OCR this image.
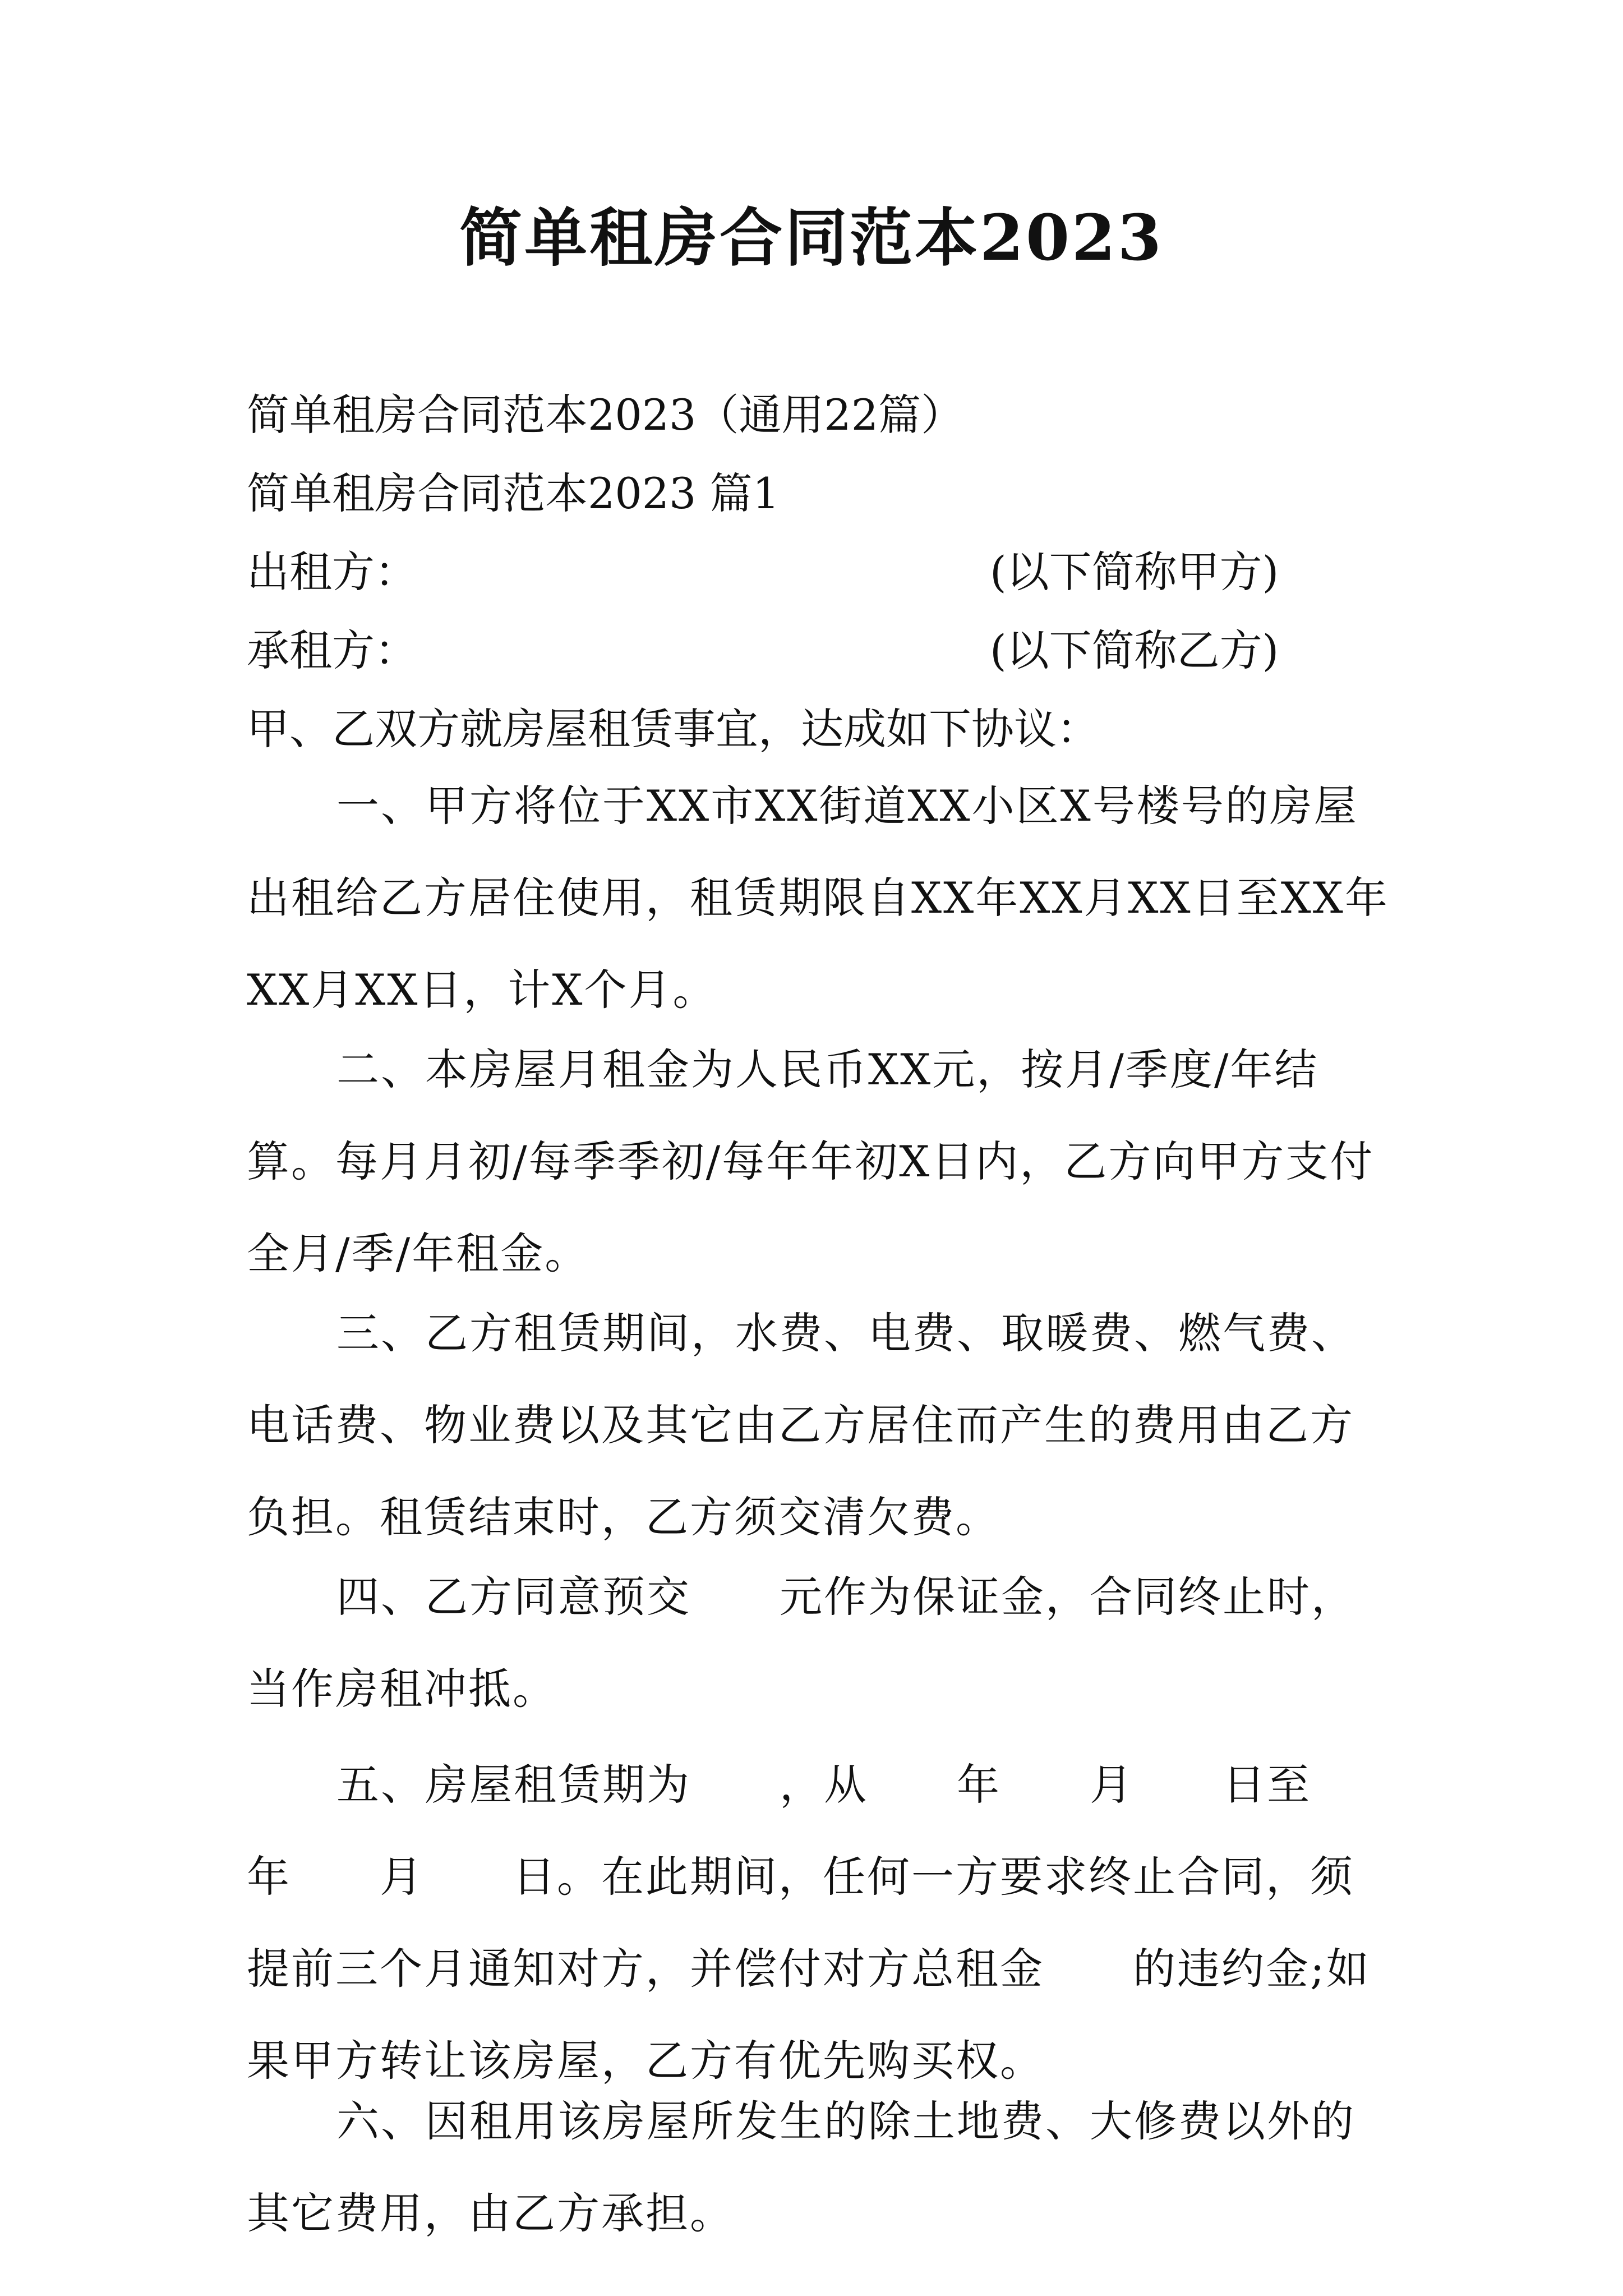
简单租房合同范本2023
简单租房合同范本2023（通用22篇）
简单租房合同范本2023 篇1
出租方：	(以下简称甲方)
承租方：	(以下简称乙方)
甲、乙双方就房屋租赁事宜，达成如下协议：

一、甲方将位于XX市XX街道XX小区X号楼号的房屋出租给乙方居住使用，租赁期限自XX年XX月XX日至XX年XX月XX日，计X个月。

二、本房屋月租金为人民币XX元，按月/季度/年结算。每月月初/每季季初/每年年初X日内，乙方向甲方支付全月/季/年租金。

三、乙方租赁期间，水费、电费、取暖费、燃气费、电话费、物业费以及其它由乙方居住而产生的费用由乙方负担。租赁结束时，乙方须交清欠费。

四、乙方同意预交　　元作为保证金，合同终止时，当作房租冲抵。

五、房屋租赁期为　　，从　　年　　月　　日至　　年　　月　　日。在此期间，任何一方要求终止合同，须提前三个月通知对方，并偿付对方总租金　　的违约金;如果甲方转让该房屋，乙方有优先购买权。

六、因租用该房屋所发生的除土地费、大修费以外的其它费用，由乙方承担。
